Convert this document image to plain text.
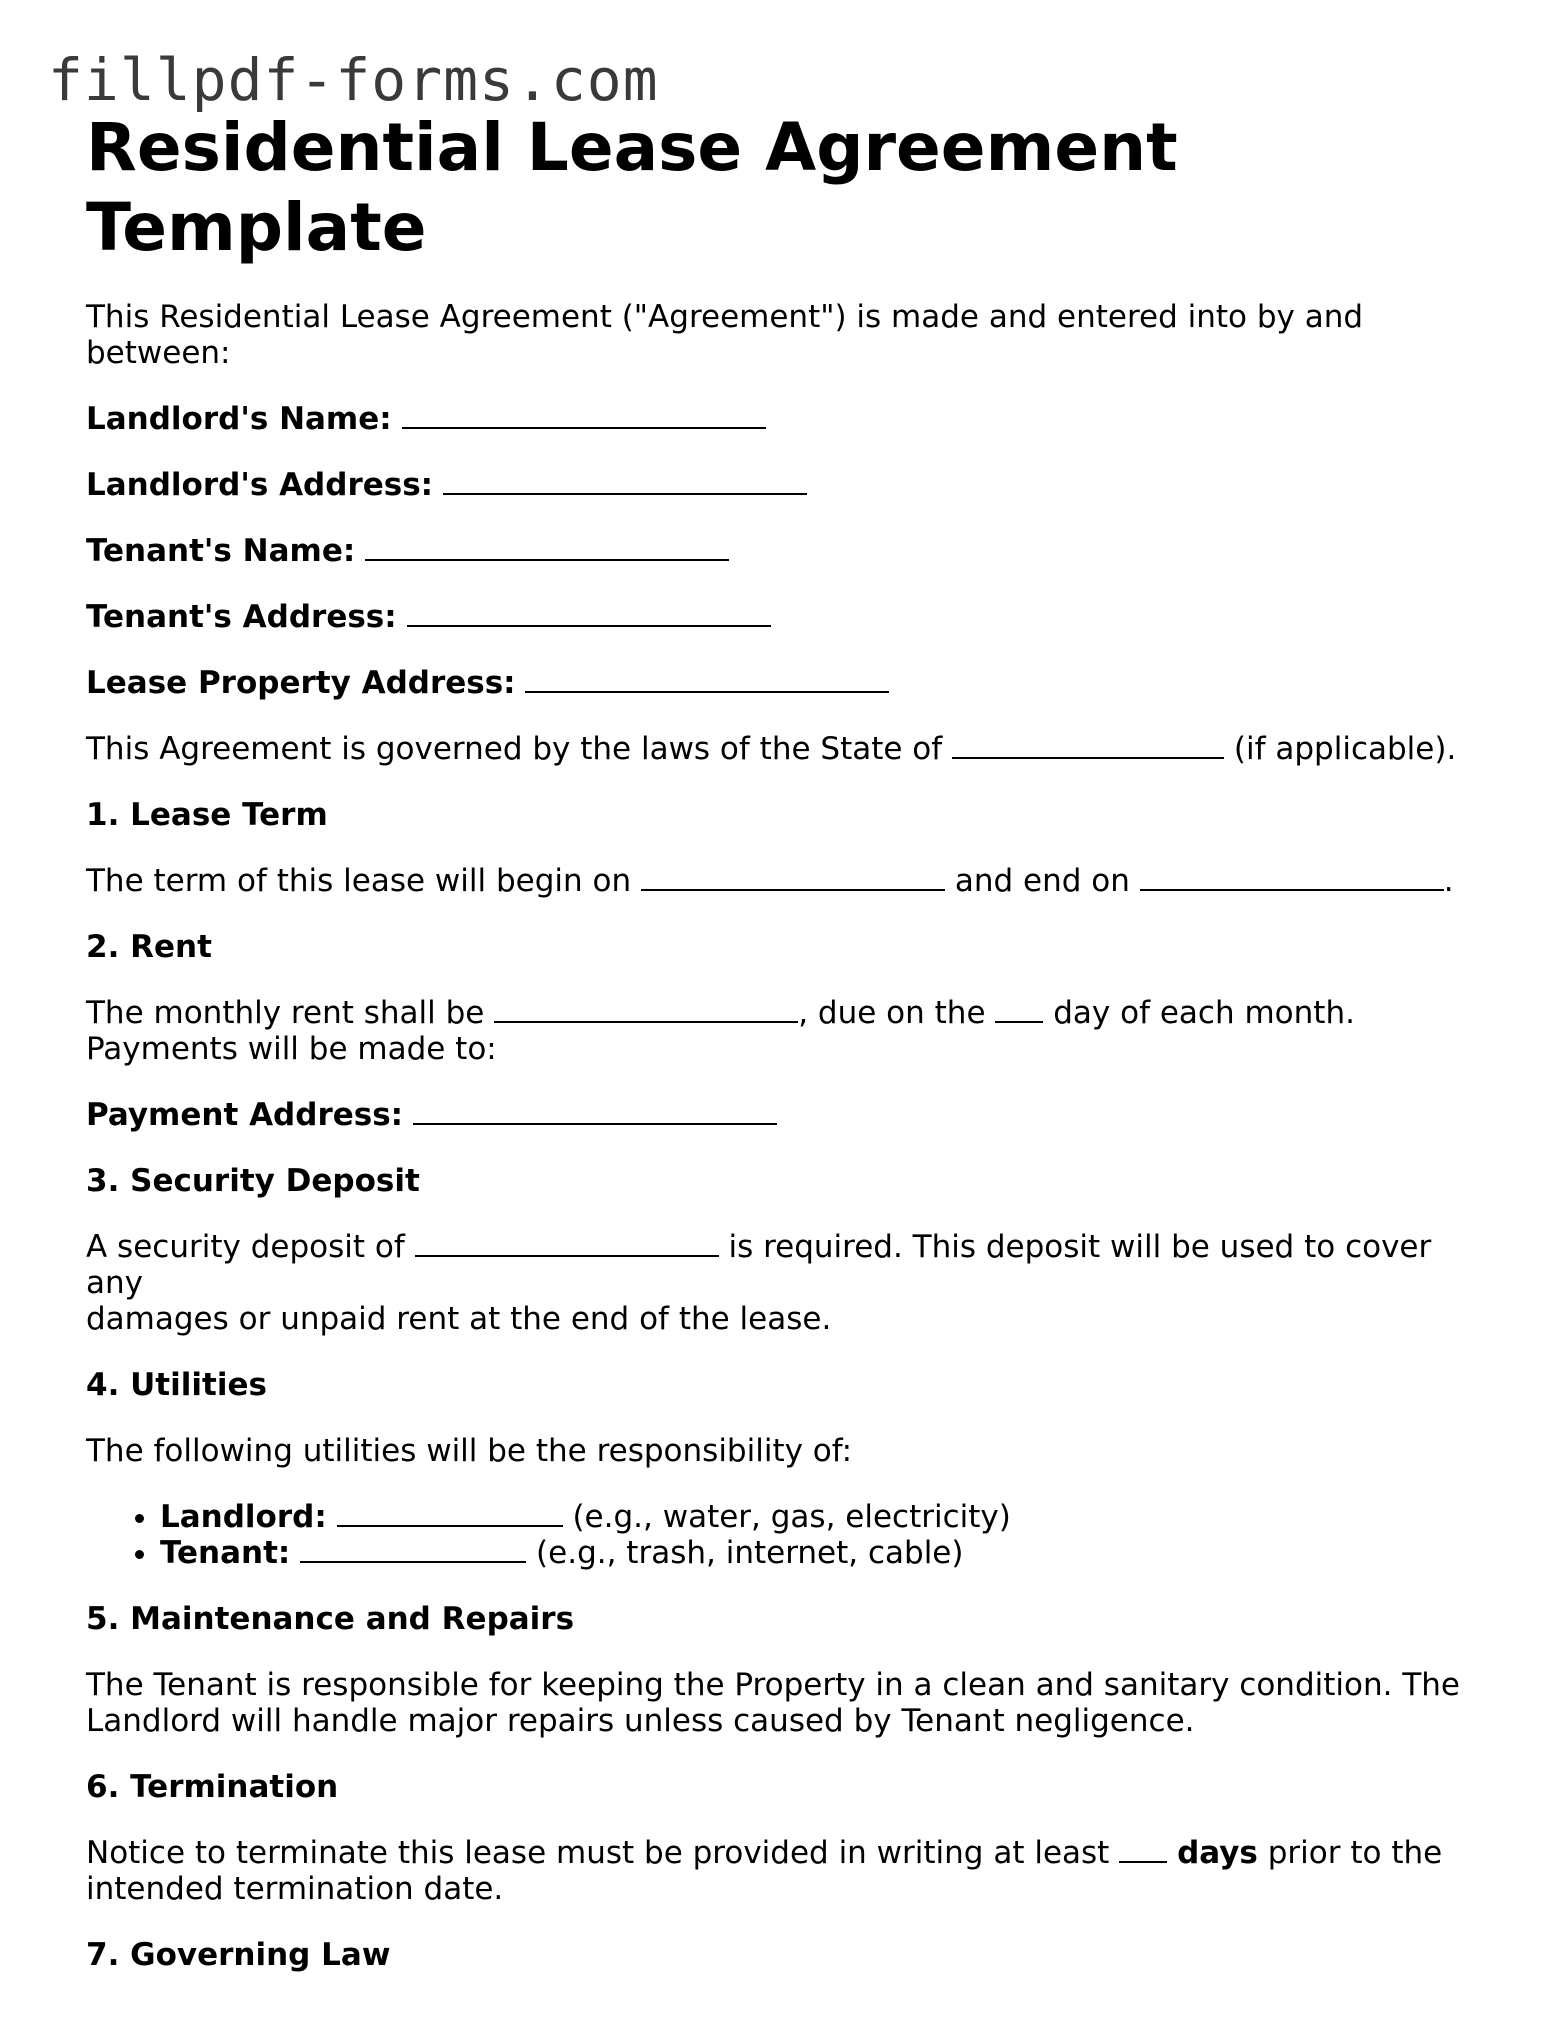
fillpdf-forms.com
Residential Lease Agreement Template

This Residential Lease Agreement ("Agreement") is made and entered into by and between:

Landlord's Name:
Landlord's Address:
Tenant's Name:
Tenant's Address:
Lease Property Address:

This Agreement is governed by the laws of the State of	(if applicable).

1. Lease Term

The term of this lease will begin on	and end on	.

2. Rent

The monthly rent shall be	, due on the day of each month.
Payments will be made to:

Payment Address:
3. Security Deposit

A security deposit of	is required. This deposit will be used to cover any
damages or unpaid rent at the end of the lease.

4. Utilities

The following utilities will be the responsibility of:

• Landlord:	(e.g., water, gas, electricity)
• Tenant:	(e.g., trash, internet, cable)
5. Maintenance and Repairs

The Tenant is responsible for keeping the Property in a clean and sanitary condition. The
Landlord will handle major repairs unless caused by Tenant negligence.

6. Termination

Notice to terminate this lease must be provided in writing at least days prior to the
intended termination date.

7. Governing Law
